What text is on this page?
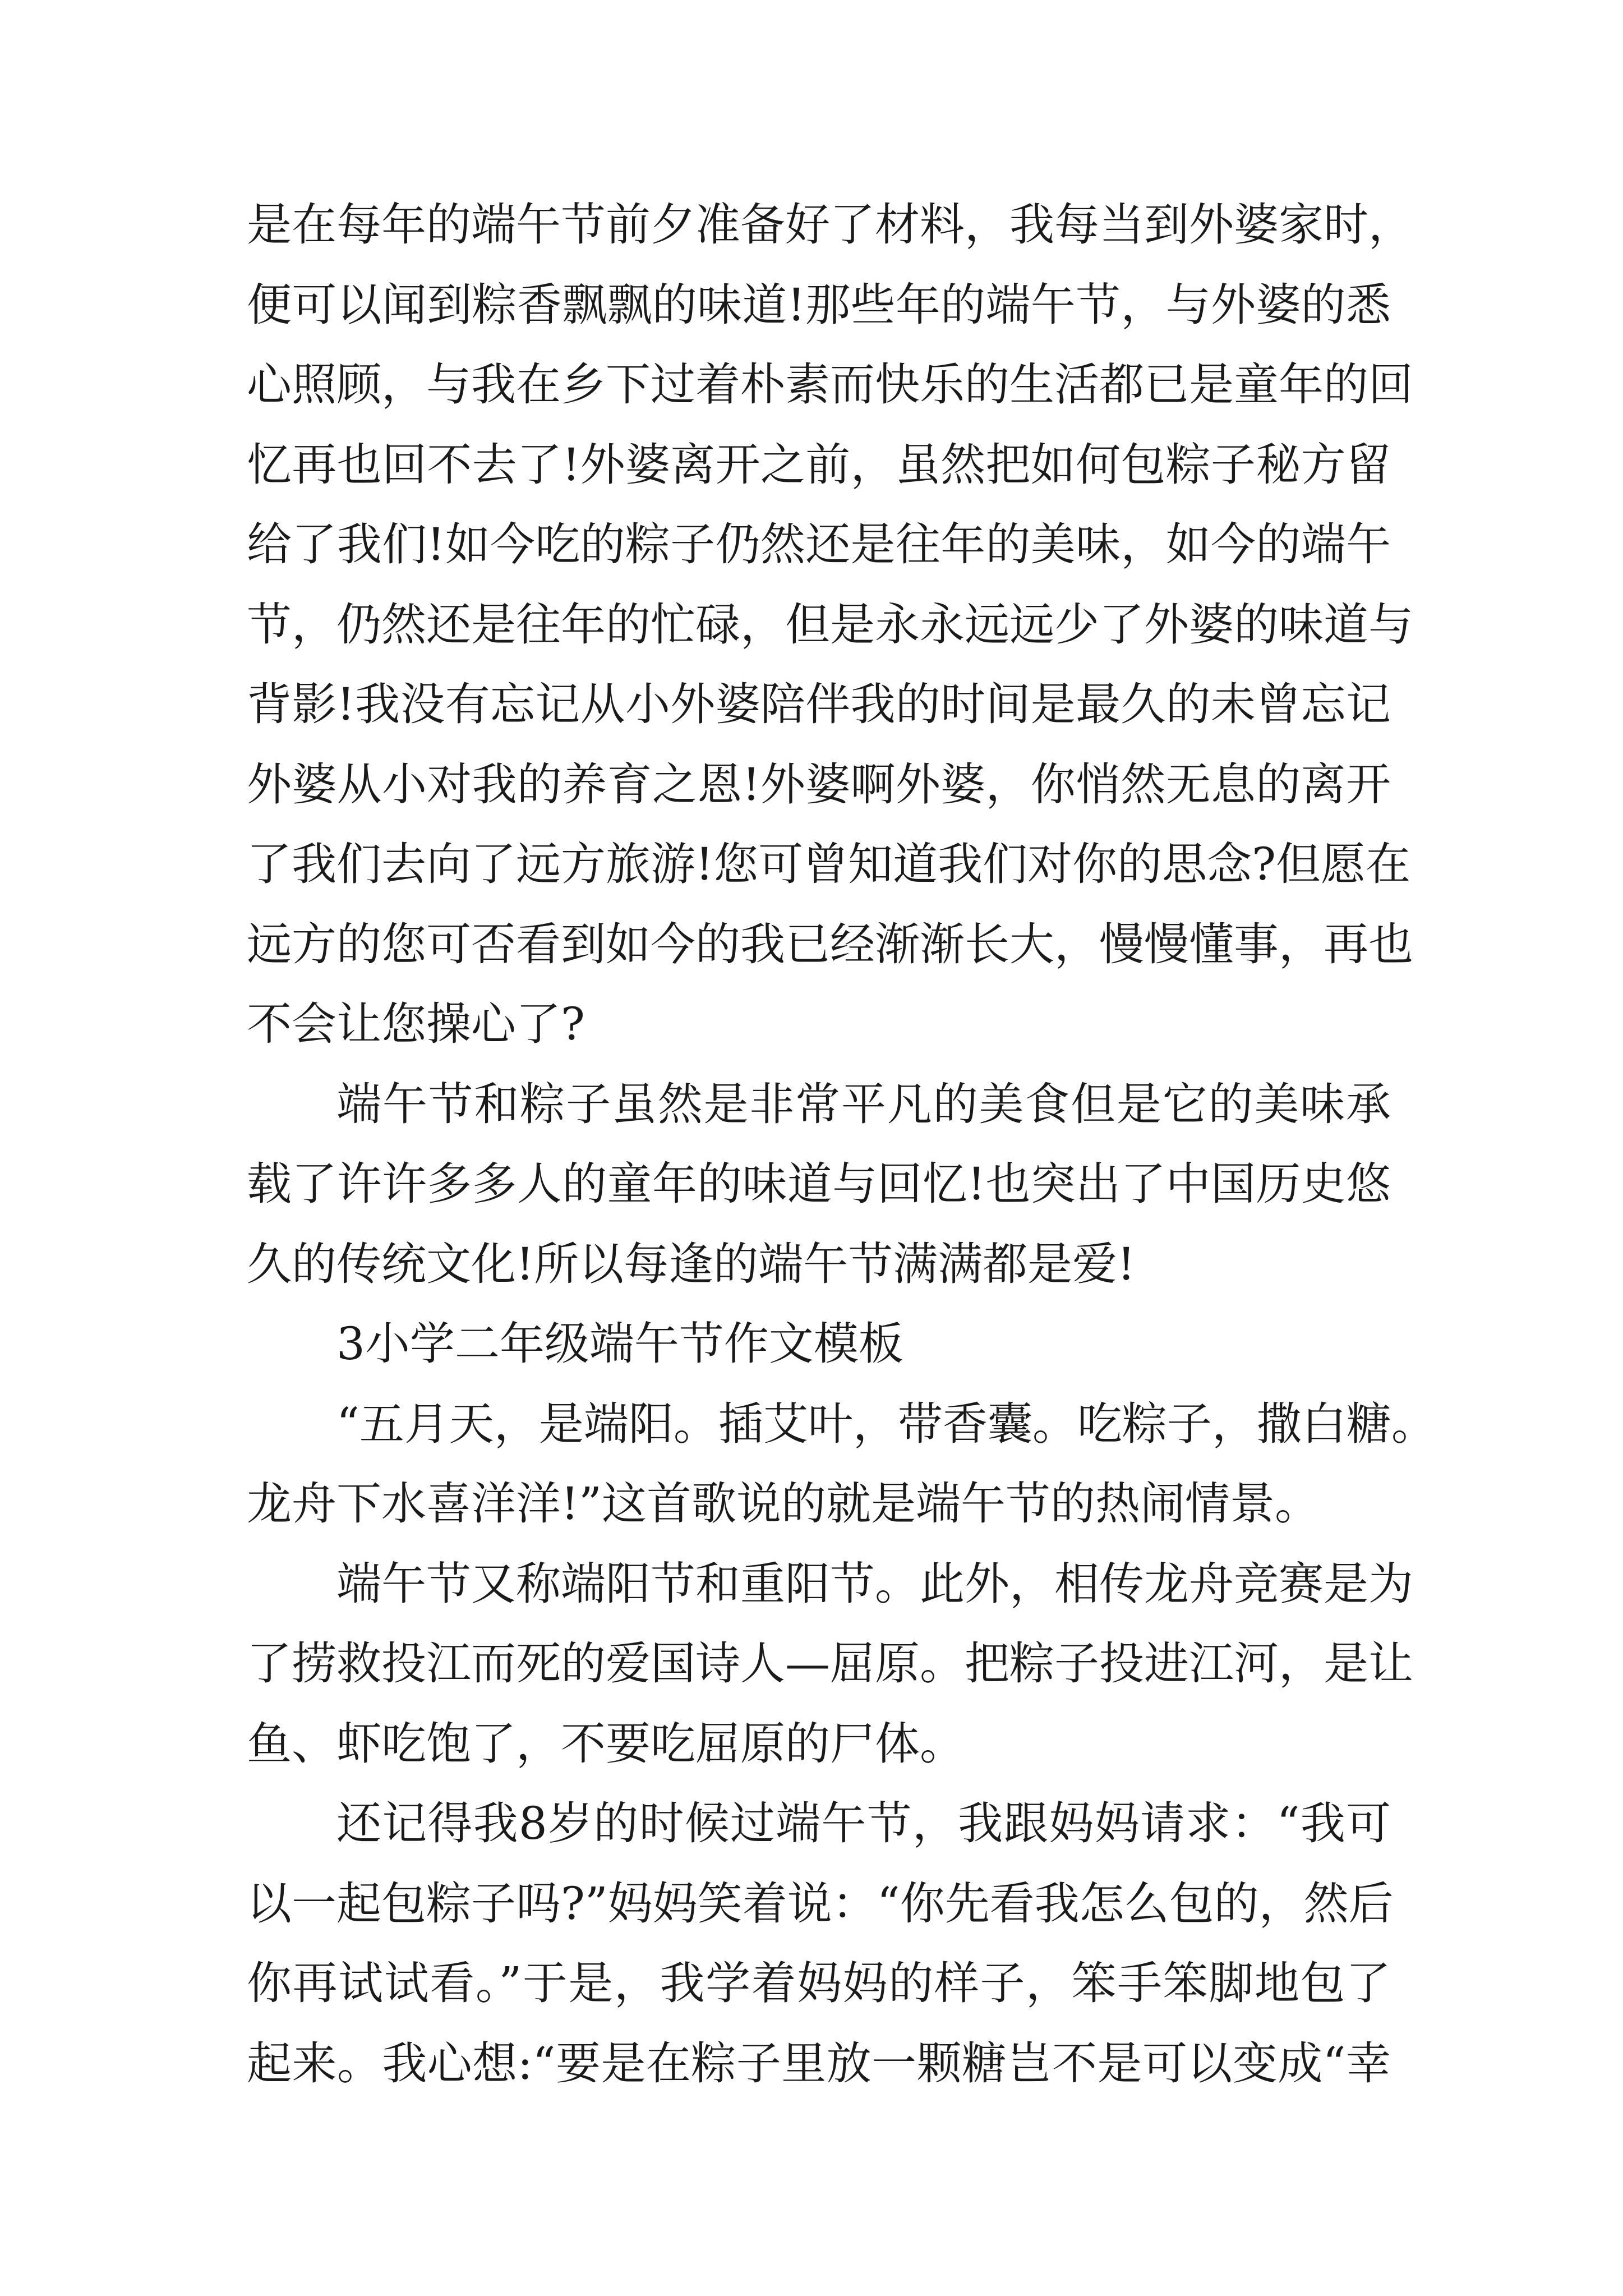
是在每年的端午节前夕准备好了材料，我每当到外婆家时，
便可以闻到粽香飘飘的味道!那些年的端午节，与外婆的悉
心照顾，与我在乡下过着朴素而快乐的生活都已是童年的回
忆再也回不去了!外婆离开之前，虽然把如何包粽子秘方留
给了我们!如今吃的粽子仍然还是往年的美味，如今的端午
节，仍然还是往年的忙碌，但是永永远远少了外婆的味道与
背影!我没有忘记从小外婆陪伴我的时间是最久的未曾忘记
外婆从小对我的养育之恩!外婆啊外婆，你悄然无息的离开
了我们去向了远方旅游!您可曾知道我们对你的思念?但愿在
远方的您可否看到如今的我已经渐渐长大，慢慢懂事，再也
不会让您操心了?
端午节和粽子虽然是非常平凡的美食但是它的美味承
载了许许多多人的童年的味道与回忆!也突出了中国历史悠
久的传统文化!所以每逢的端午节满满都是爱!
3小学二年级端午节作文模板
“五月天，是端阳。插艾叶，带香囊。吃粽子，撒白糖。
龙舟下水喜洋洋!”这首歌说的就是端午节的热闹情景。
端午节又称端阳节和重阳节。此外，相传龙舟竞赛是为
了捞救投江而死的爱国诗人—屈原。把粽子投进江河，是让
鱼、虾吃饱了，不要吃屈原的尸体。
还记得我8岁的时候过端午节，我跟妈妈请求：“我可
以一起包粽子吗?”妈妈笑着说：“你先看我怎么包的，然后
你再试试看。”于是，我学着妈妈的样子，笨手笨脚地包了
起来。我心想:“要是在粽子里放一颗糖岂不是可以变成“幸
